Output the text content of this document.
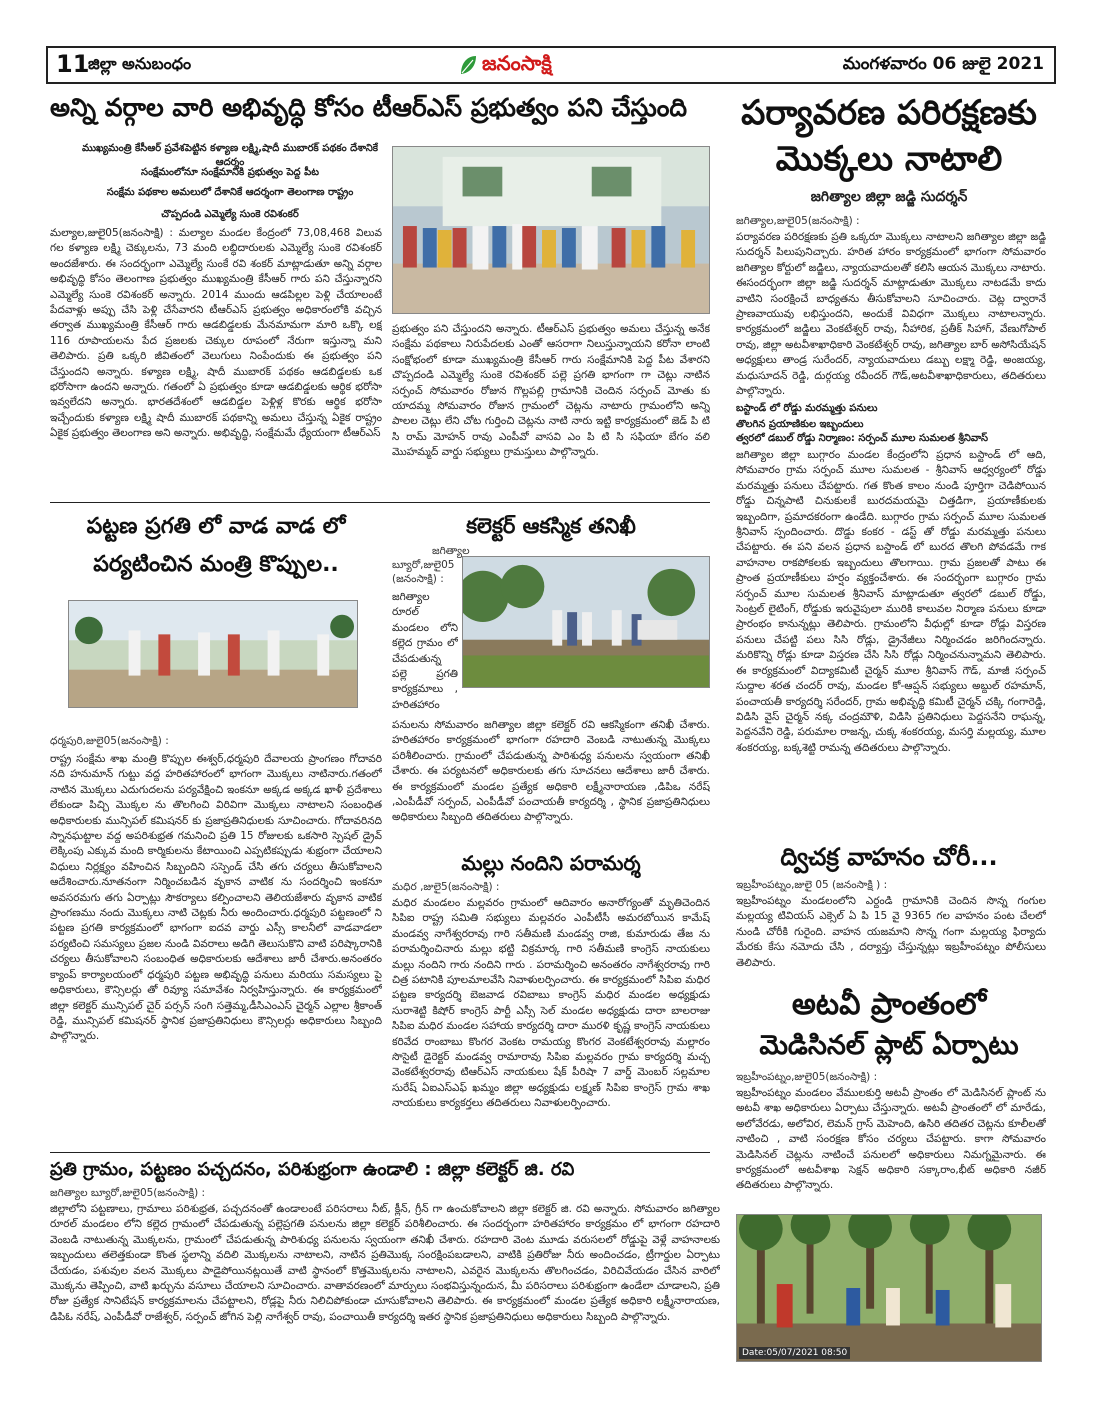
11
జిల్లా అనుబంధం	జనంసాక్షి	మంగళవారం 06 జులై 2021
అన్ని వర్గాల వారి అభివృద్ధి కోసం టీఆర్ఎస్ ప్రభుత్వం పని చేస్తుంది
ముఖ్యమంత్రి కేసీఆర్ ప్రవేశపెట్టిన కళ్యాణ లక్ష్మి,షాదీ ముబారక్ పథకం దేశానికే ఆదర్శం
సంక్షేమంలోనూ సంక్షేమానికి ప్రభుత్వం పెద్ద పీట
సంక్షేమ పథకాల అమలులో దేశానికే ఆదర్శంగా తెలంగాణ రాష్ట్రం
చొప్పదండి ఎమ్మెల్యే సుంకె రవిశంకర్
మల్యాల,జులై05(జనంసాక్షి) : మల్యాల మండల కేంద్రంలో 73,08,468 విలువ గల కళ్యాణ లక్ష్మి చెక్కులను, 73 మంది లబ్ధిదారులకు ఎమ్మెల్యే సుంకె రవిశంకర్ అందజేశారు. ఈ సందర్భంగా ఎమ్మెల్యే సుంకే రవి శంకర్ మాట్లాడుతూ అన్ని వర్గాల అభివృద్ధి కోసం తెలంగాణ ప్రభుత్వం ముఖ్యమంత్రి కేసీఆర్ గారు పని చేస్తున్నారని ఎమ్మెల్యే సుంకె రవిశంకర్ అన్నారు. 2014 ముందు ఆడపిల్లల పెళ్లి చేయాలంటే పేదవాళ్లు అప్పు చేసి పెళ్లి చేసేవారని టీఆర్ఎస్ ప్రభుత్వం అధికారంలోకి వచ్చిన తర్వాత ముఖ్యమంత్రి కేసీఆర్ గారు ఆడబిడ్డలకు మేనమామగా మారి ఒక్కొ లక్ష 116 రూపాయలను పేద ప్రజలకు చెక్కుల రూపంలో నేరుగా ఇస్తున్నా మని తెలిపారు. ప్రతి ఒక్కరి జీవితంలో వెలుగులు నింపేందుకు ఈ ప్రభుత్వం పని చేస్తుందని అన్నారు. కళ్యాణ లక్ష్మి, షాదీ ముబారక్ పథకం ఆడబిడ్డలకు ఒక భరోసాగా ఉందని అన్నారు. గతంలో ఏ ప్రభుత్వం కూడా ఆడబిడ్డలకు ఆర్థిక భరోసా ఇవ్వలేదని అన్నారు. భారతదేశంలో ఆడబిడ్డల పెళ్లిళ్ల కొరకు ఆర్థిక భరోసా ఇచ్చేందుకు కళ్యాణ లక్ష్మి షాదీ ముబారక్ పథకాన్ని అమలు చేస్తున్న ఏకైక రాష్ట్రం ఏకైక ప్రభుత్వం తెలంగాణ అని అన్నారు. అభివృద్ధి, సంక్షేమమే ధ్యేయంగా టీఆర్ఎస్
ప్రభుత్వం పని చేస్తుందని అన్నారు. టీఆర్ఎస్ ప్రభుత్వం అమలు చేస్తున్న అనేక సంక్షేమ పథకాలు నిరుపేదలకు ఎంతో ఆసరాగా నిలుస్తున్నాయని కరోనా లాంటి సంక్షోభంలో కూడా ముఖ్యమంత్రి కేసీఆర్ గారు సంక్షేమానికి పెద్ద పీట వేశారని చొప్పదండి ఎమ్మెల్యే సుంకె రవిశంకర్ పల్లె ప్రగతి భాగంగా గా చెట్లు నాటిన సర్పంచ్ సోమవారం రోజున గొల్లపల్లి గ్రామానికి చెందిన సర్పంచ్ మోతు కు యాదమ్మ సోమవారం రోజున గ్రామంలో చెట్లను నాటారు గ్రామంలోని అన్ని పాలల చెట్లు లేని చోట గుర్తించి చెట్లను నాటి నారు ఇట్టి కార్యక్రమంలో జెడ్ పి టి సి రామ్ మోహన్ రావు ఎంపీవో వాసవి ఎం పి టి సి సఫియా బేగం వలి మొహమ్మద్ వార్డు సభ్యులు గ్రామస్తులు పాల్గొన్నారు.
పర్యావరణ పరిరక్షణకు
మొక్కలు నాటాలి
జగిత్యాల జిల్లా జడ్జి సుదర్శన్
జగిత్యాల,జులై05(జనంసాక్షి) :
పర్యావరణ పరిరక్షణకు ప్రతి ఒక్కరూ మొక్కలు నాటాలని జగిత్యాల జిల్లా జడ్జి సుదర్శన్ పిలుపునిచ్చారు. హరిత హారం కార్యక్రమంలో భాగంగా సోమవారం జగిత్యాల కోర్టులో జడ్జిలు, న్యాయవాదులతో కలిసి ఆయన మొక్కలు నాటారు. ఈసందర్భంగా జిల్లా జడ్జి సుదర్శన్ మాట్లాడుతూ మొక్కలు నాటడమే కాదు వాటిని సంరక్షించే బాధ్యతను తీసుకోవాలని సూచించారు. చెట్ల ద్వారానే ప్రాణవాయువు లభిస్తుందని, అందుకే వివిధగా మొక్కలు నాటాలన్నారు. కార్యక్రమంలో జడ్జిలు వెంకటేశ్వర్ రావు, నీహారిక, ప్రతీక్ సిహాగ్, వేణుగోపాల్ రావు, జిల్లా అటవీశాఖాధికారి వెంకటేశ్వర్ రావు, జగిత్యాల బార్ అసోసియేషన్ అధ్యక్షులు తాండ్ర సురేందర్, న్యాయవాదులు డబ్బు లక్ష్మా రెడ్డి, అంజయ్య, మధుసూదన్ రెడ్డి, దుర్గయ్య రవీందర్ గౌడ్,అటవీశాఖాధికారులు, తదితరులు పాల్గొన్నారు.
బస్టాండ్ లో రోడ్డు మరమ్మత్తు పనులు
తొలగిన ప్రయాణికుల ఇబ్బందులు
త్వరలో డబుల్ రోడ్డు నిర్మాణం: సర్పంచ్ మూల సుమలత శ్రీనివాస్
జగిత్యాల జిల్లా బుగ్గారం మండల కేంద్రంలోని ప్రధాన బస్టాండ్ లో ఆది, సోమవారం గ్రామ సర్పంచ్ మూల సుమలత - శ్రీనివాస్ ఆధ్వర్యంలో రోడ్డు మరమ్మత్తు పనులు చేపట్టారు. గత కొంత కాలం నుండి పూర్తిగా చెడిపోయిన రోడ్డు చిన్నపాటి చినుకులకే బురదమయమై చిత్తడిగా, ప్రయాణీకులకు ఇబ్బందిగా, ప్రమాదకరంగా ఉండేది. బుగ్గారం గ్రామ సర్పంచ్ మూల సుమలత శ్రీనివాస్ స్పందించారు. దొడ్డు కంకర - డస్ట్ తో రోడ్డు మరమ్మత్తు పనులు చేపట్టారు. ఈ పని వలన ప్రధాన బస్టాండ్ లో బురద తొలగి పోవడమే గాక వాహనాల రాకపోకలకు ఇబ్బందులు తొలగాయి. గ్రామ ప్రజలతో పాటు ఈ ప్రాంత ప్రయాణీకులు హర్షం వ్యక్తంచేశారు. ఈ సందర్భంగా బుగ్గారం గ్రామ సర్పంచ్ మూల సుమలత శ్రీనివాస్ మాట్లాడుతూ త్వరలో డబుల్ రోడ్డు, సెంట్రల్ లైటింగ్, రోడ్డుకు ఇరువైపులా మురికి కాలువల నిర్మాణ పనులు కూడా ప్రారంభం కానున్నట్లు తెలిపారు. గ్రామంలోని వీధుల్లో కూడా రోడ్లు విస్తరణ పనులు చేపట్టి పలు సిసి రోడ్లు, డ్రైనేజీలు నిర్మించడం జరిగిందన్నారు. మరికొన్ని రోడ్లు కూడా విస్తరణ చేసి సిసి రోడ్లు నిర్మించనున్నామని తెలిపారు. ఈ కార్యక్రమంలో విద్యాకమిటీ చైర్మన్ మూల శ్రీనివాస్ గౌడ్, మాజీ సర్పంచ్ సుద్దాల శరత చందర్ రావు, మండల కో-ఆప్షన్ సభ్యులు అబ్దుల్ రహమాన్, పంచాయతీ కార్యదర్శి సరేందర్, గ్రామ అభివృద్ధి కమిటీ చైర్మన్ చక్కి గంగారెడ్డి, విడిసి వైస్ చైర్మన్ నక్క చంద్రమౌళి, విడిసి ప్రతినిధులు పెద్దసనేని రాఘన్న, పెద్దనవేని రెడ్డి, పరుమాల రాజన్న, చుక్క శంకరయ్య, మసర్తి మల్లయ్య, మూల శంకరయ్య, బక్కశెట్టి రామన్న తదితరులు పాల్గొన్నారు.
పట్టణ ప్రగతి లో వాడ వాడ లో
పర్యటించిన మంత్రి కొప్పుల..
ధర్మపురి,జులై05(జనంసాక్షి) :
రాష్ట్ర సంక్షేమ శాఖ మంత్రి కొప్పుల ఈశ్వర్,ధర్మపురి దేవాలయ ప్రాంగణం గోదావరి నది హనుమాన్ గుట్టు వద్ద హరితహారంలో భాగంగా మొక్కలు నాటినారు.గతంలో నాటిన మొక్కలు ఎదుగుదలను పర్యవేక్షించి ఇంకనూ అక్కడ అక్కడ ఖాళీ ప్రదేశాలు లేకుండా పిచ్చి మొక్కల ను తొలగించి విరివిగా మొక్కలు నాటాలని సంబంధిత అధికారులకు మున్సిపల్ కమిషనర్ కు ప్రజాప్రతినిధులకు సూచించారు. గోదావరినది స్నానఘట్టాల వద్ద అపరిశుభ్రత గమనించి ప్రతి 15 రోజులకు ఒకసారి స్పెషల్ డ్రైవ్ లెక్కింపు ఎక్కువ మంది కార్మికులను కేటాయించి ఎప్పటికప్పుడు శుభ్రంగా చేయాలని విధులు నిర్లక్ష్యం వహించిన సిబ్బందిని సస్పెండ్ చేసి తగు చర్యలు తీసుకోవాలని ఆదేశించారు.నూతనంగా నిర్మించబడిన వృకాన వాటిక ను సందర్శించి ఇంకనూ అవసరమగు తగు ఏర్పాట్లు సౌకర్యాలు కల్పించాలని తెలియజేశారు వృకాన వాటిక ప్రాంగణము నందు మొక్కలు నాటి చెట్లకు నీరు అందించారు.ధర్మపురి పట్టణంలో ని పట్టణ ప్రగతి కార్యక్రమంలో భాగంగా ఐదవ వార్డు ఎస్సీ కాలనీలో వాడవాడలా పర్యటించి సమస్యలు ప్రజల నుండి వివరాలు అడిగి తెలుసుకొని వాటి పరిష్కారానికి చర్యలు తీసుకోవాలని సంబంధిత అధికారులకు ఆదేశాలు జారీ చేశారు.అనంతరం క్యాంప్ కార్యాలయంలో ధర్మపురి పట్టణ అభివృద్ధి పనులు మరియు సమస్యలు పై అధికారులు, కౌన్సిలర్లు తో రివ్యూ సమావేశం నిర్వహిస్తున్నారు. ఈ కార్యక్రమంలో జిల్లా కలెక్టర్ మున్సిపల్ చైర్ పర్సన్ సంగి సత్తెమ్మ,డీసిఎంఎస్ చైర్మన్ ఎల్లాల శ్రీకాంత్ రెడ్డి, మున్సిపల్ కమిషనర్ స్థానిక ప్రజాప్రతినిధులు కౌన్సిలర్లు అధికారులు సిబ్బంది పాల్గొన్నారు.
కలెక్టర్ ఆకస్మిక తనిఖీ
జగిత్యాల
బ్యూరో,జులై05
(జనంసాక్షి) :
జగిత్యాల రూరల్ మండలం లోని కల్లెద గ్రామం లో చేపడుతున్న పల్లె ప్రగతి కార్యక్రమాలు , హరితహారం
పనులను సోమవారం జగిత్యాల జిల్లా కలెక్టర్ రవి ఆకస్మికంగా తనిఖీ చేశారు. హరితహారం కార్యక్రమంలో భాగంగా రహదారి వెంబడి నాటుతున్న మొక్కలు పరిశీలించారు. గ్రామంలో చేపడుతున్న పారిశుధ్య పనులను స్వయంగా తనిఖీ చేశారు. ఈ పర్యటనలో అధికారులకు తగు సూచనలు ఆదేశాలు జారీ చేశారు. ఈ కార్యక్రమంలో మండల ప్రత్యేక అధికారి లక్ష్మీనారాయణ ,డిపిఒ నరేష్ ,ఎంపీడీవో సర్పంచ్, ఎంపీడీవో పంచాయతీ కార్యదర్శి , స్థానిక ప్రజాప్రతినిధులు అధికారులు సిబ్బంది తదితరులు పాల్గొన్నారు.
మల్లు నందిని పరామర్శ
మధిర ,జులై5(జనంసాక్షి) :
మధిర మండలం మల్లవరం గ్రామంలో ఆదివారం అనారోగ్యంతో మృతిచెందిన సిపిఐ రాష్ట్ర సమితి సభ్యులు మల్లవరం ఎంపీటీసీ అమరబోయిన కామేష్ మండవ్వ నాగేశ్వరరావు గారి సతీమణి మండవ్వ రాజి, కుమారుడు తేజ ను పరామర్శించినారు మల్లు భట్టి విక్రమార్క గారి సతీమణి కాంగ్రెస్ నాయకులు మల్లు నందిని గారు నందిని గారు . పరామర్శించి అనంతరం నాగేశ్వరరావు గారి చిత్ర పటానికి పూలమాలవేసి నివాళులర్పించారు. ఈ కార్యక్రమంలో సిపిఐ మధిర పట్టణ కార్యదర్శి బెజవాడ రవిబాబు కాంగ్రెస్ మధిర మండల అధ్యక్షుడు సురా‌శెట్టి కిషోర్ కాంగ్రెస్ పార్టీ ఎస్సీ సెల్ మండల అధ్యక్షుడు దారా బాలరాజు సిపిఐ మధిర మండల సహాయ కార్యదర్శి దారా మురళి కృష్ణ కాంగ్రెస్ నాయకులు కరివేద రాంబాబు కొంగర వెంకట రామయ్య కొంగర వెంకటేశ్వరరావు మల్లారం సొసైటీ డైరెక్టర్ మండవ్వ రామారావు సిపిఐ మల్లవరం గ్రామ కార్యదర్శి మచ్చ వెంకటేశ్వరరావు టిఆర్ఎస్ నాయకులు షేక్ పీరిషా 7 వార్డ్ మెంబర్ సల్లమాల సురేష్ ఏఐఎస్ఎఫ్ ఖమ్మం జిల్లా అధ్యక్షుడు లక్ష్మణ్ సిపిఐ కాంగ్రెస్ గ్రామ శాఖ నాయకులు కార్యకర్తలు తదితరులు నివాళులర్పించారు.
ద్విచక్ర వాహనం చోరీ...
ఇబ్రహీంపట్నం,జులై 05 (జనంసాక్షి ) :
ఇబ్రహీంపట్నం మండలంలోని ఎర్దండి గ్రామానికి చెందిన సొన్న గంగుల మల్లయ్య టివియస్ ఎక్సెల్ ఏ పి 15 వై 9365 గల వాహనం పంట చేలలో నుండి చోరీకి గురైంది. వాహన యజమాని సొన్న గంగా మల్లయ్య ఫిర్యాదు మేరకు కేసు నమోదు చేసి , దర్యాప్తు చేస్తున్నట్లు ఇబ్రహీంపట్నం పోలీసులు తెలిపారు.
అటవీ ప్రాంతంలో
మెడిసినల్ ప్లాట్ ఏర్పాటు
ఇబ్రహీంపట్నం,జులై05(జనంసాక్షి) :
ఇబ్రహీంపట్నం మండలం వేములకుర్తి అటవీ ప్రాంతం లో మెడిసినల్ ప్లాంట్ ను అటవీ శాఖ అధికారులు ఏర్పాటు చేస్తున్నారు. అటవీ ప్రాంతంలో లో మారేడు, అలోవేరడు, అలోవిర, లెమన్ గ్రాస్ మెహెంది, ఉసిరి తదితర చెట్లను కూలీలతో నాటించి , వాటి సంరక్షణ కోసం చర్యలు చేపట్టారు. కాగా సోమవారం మెడిసినల్ చెట్లను నాటించే పనులలో అధికారులు నిమగ్నమైనారు. ఈ కార్యక్రమంలో అటవీశాఖ సెక్షన్ అధికారి సక్కారాం,భీట్ అధికారి నజీర్ తదితరులు పాల్గొన్నారు.
Date:05/07/2021 08:50
ప్రతి గ్రామం, పట్టణం పచ్చదనం, పరిశుభ్రంగా ఉండాలి : జిల్లా కలెక్టర్ జి. రవి
జగిత్యాల బ్యూరో,జులై05(జనంసాక్షి) :
జిల్లాలోని పట్టణాలు, గ్రామాలు పరిశుభ్రత, పచ్చదనంతో ఉండాలంటే పరిసరాలు నీట్, క్లీన్, గ్రీన్ గా ఉంచుకోవాలని జిల్లా కలెక్టర్ జి. రవి అన్నారు. సోమవారం జగిత్యాల రూరల్ మండలం లోని కల్లెద గ్రామంలో చేపడుతున్న పల్లెప్రగతి పనులను జిల్లా కలెక్టర్ పరిశీలించారు. ఈ సందర్భంగా హరితహారం కార్యక్రమం లో భాగంగా రహదారి వెంబడి నాటుతున్న మొక్కలను, గ్రామంలో చేపడుతున్న పారిశుధ్య పనులను స్వయంగా తనిఖీ చేశారు. రహదారి వెంట మూడు వరుసలలో రోడ్డుపై వెళ్లే వాహనాలకు ఇబ్బందులు తలెత్తకుండా కొంత స్థలాన్ని వదిలి మొక్కలను నాటాలని, నాటిన ప్రతిమొక్క సంరక్షింపబడాలని, వాటికి ప్రతిరోజు నీరు అందించడం, ట్రీగార్డుల ఏర్పాటు చేయడం, పశువుల వలన మొక్కలు పాడైపోయినట్లయితే వాటి స్థానంలో కొత్తమొక్కలను నాటాలని, ఎవరైన మొక్కలను తొలగించడం, విరిచివేయడం చేసిన వారిలో మొక్కను తెప్పించి, వాటి ఖర్చును వసూలు చేయాలని సూచించారు. వాతావరణంలో మార్పులు సంభవిస్తున్నందున, మీ పరిసరాలు పరిశుభ్రంగా ఉండేలా చూడాలని, ప్రతి రోజు ప్రత్యేక సానిటేషన్ కార్యక్రమాలను చేపట్టాలని, రోడ్లపై నీరు నిలిచిపోకుండా చూసుకోవాలని తెలిపారు. ఈ కార్యక్రమంలో మండల ప్రత్యేక అధికారి లక్ష్మీనారాయణ, డిపిఓ నరేష్, ఎంపీడీవో రాజేశ్వర్, సర్పంచ్ జోగిన పెల్లి నాగేశ్వర్ రావు, పంచాయితీ కార్యదర్శి ఇతర స్థానిక ప్రజాప్రతినిధులు అధికారులు సిబ్బంది పాల్గొన్నారు.
